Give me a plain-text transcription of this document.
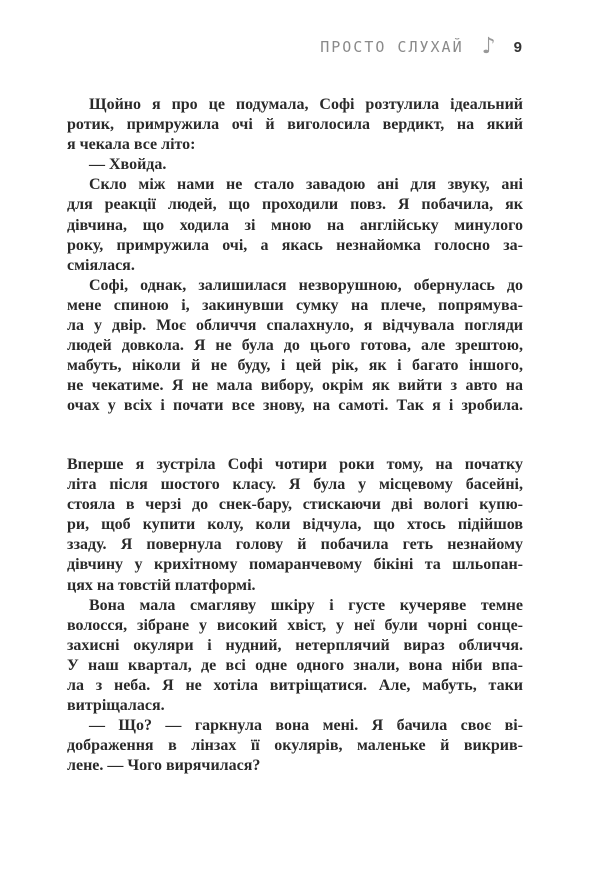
ПРОСТО СЛУХАЙ ♪ 9
Щойно я про це подумала, Софі розтулила ідеальний
ротик, примружила очі й виголосила вердикт, на який
я чекала все літо:
— Хвойда.
Скло між нами не стало завадою ані для звуку, ані
для реакції людей, що проходили повз. Я побачила, як
дівчина, що ходила зі мною на англійську минулого
року, примружила очі, а якась незнайомка голосно за-
сміялася.
Софі, однак, залишилася незворушною, обернулась до
мене спиною і, закинувши сумку на плече, попрямува-
ла у двір. Моє обличчя спалахнуло, я відчувала погляди
людей довкола. Я не була до цього готова, але зрештою,
мабуть, ніколи й не буду, і цей рік, як і багато іншого,
не чекатиме. Я не мала вибору, окрім як вийти з авто на
очах у всіх і почати все знову, на самоті. Так я і зробила.
Вперше я зустріла Софі чотири роки тому, на початку
літа після шостого класу. Я була у місцевому басейні,
стояла в черзі до снек-бару, стискаючи дві вологі купю-
ри, щоб купити колу, коли відчула, що хтось підійшов
ззаду. Я повернула голову й побачила геть незнайому
дівчину у крихітному помаранчевому бікіні та шльопан-
цях на товстій платформі.
Вона мала смагляву шкіру і густе кучеряве темне
волосся, зібране у високий хвіст, у неї були чорні сонце-
захисні окуляри і нудний, нетерплячий вираз обличчя.
У наш квартал, де всі одне одного знали, вона ніби впа-
ла з неба. Я не хотіла витріщатися. Але, мабуть, таки
витріщалася.
— Що? — гаркнула вона мені. Я бачила своє ві-
дображення в лінзах її окулярів, маленьке й викрив-
лене. — Чого вирячилася?
